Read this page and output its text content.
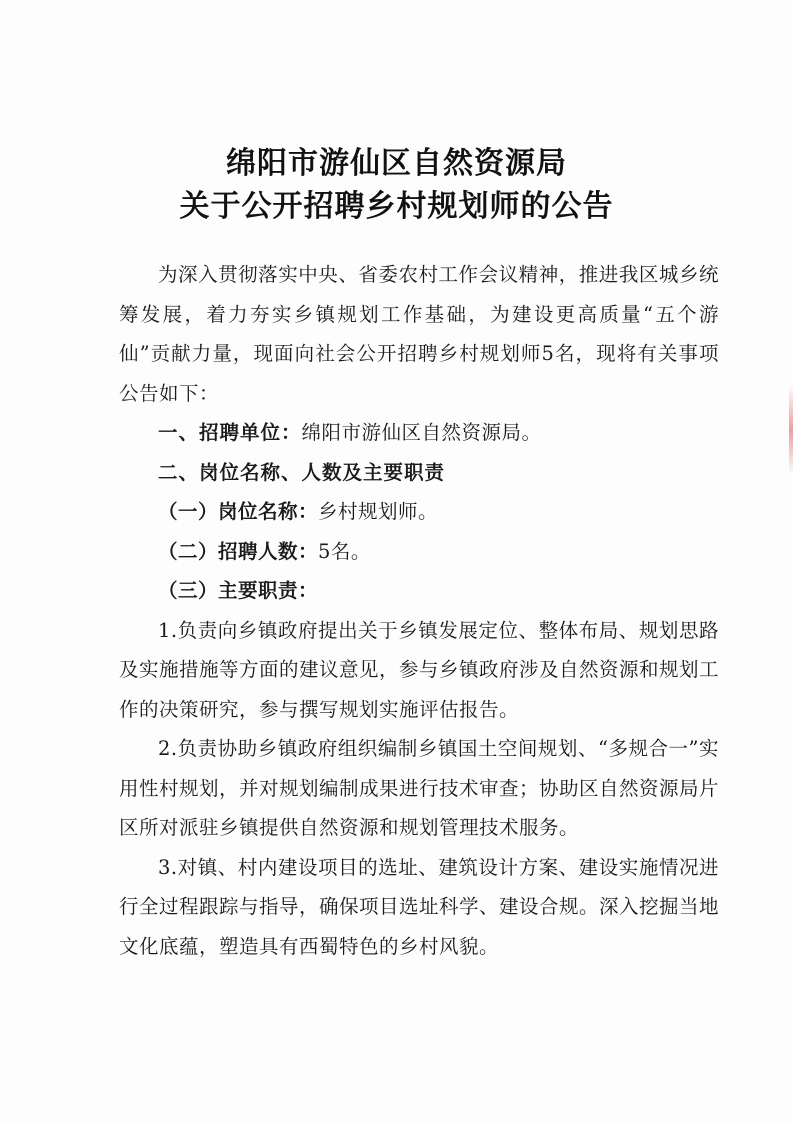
绵阳市游仙区自然资源局
关于公开招聘乡村规划师的公告

为深入贯彻落实中央、省委农村工作会议精神，推进我区城乡统筹发展，着力夯实乡镇规划工作基础，为建设更高质量“五个游仙”贡献力量，现面向社会公开招聘乡村规划师5名，现将有关事项公告如下：

一、招聘单位：绵阳市游仙区自然资源局。

二、岗位名称、人数及主要职责

（一）岗位名称：乡村规划师。

（二）招聘人数：5名。

（三）主要职责：

1.负责向乡镇政府提出关于乡镇发展定位、整体布局、规划思路及实施措施等方面的建议意见，参与乡镇政府涉及自然资源和规划工作的决策研究，参与撰写规划实施评估报告。

2.负责协助乡镇政府组织编制乡镇国土空间规划、“多规合一”实用性村规划，并对规划编制成果进行技术审查；协助区自然资源局片区所对派驻乡镇提供自然资源和规划管理技术服务。

3.对镇、村内建设项目的选址、建筑设计方案、建设实施情况进行全过程跟踪与指导，确保项目选址科学、建设合规。深入挖掘当地文化底蕴，塑造具有西蜀特色的乡村风貌。
